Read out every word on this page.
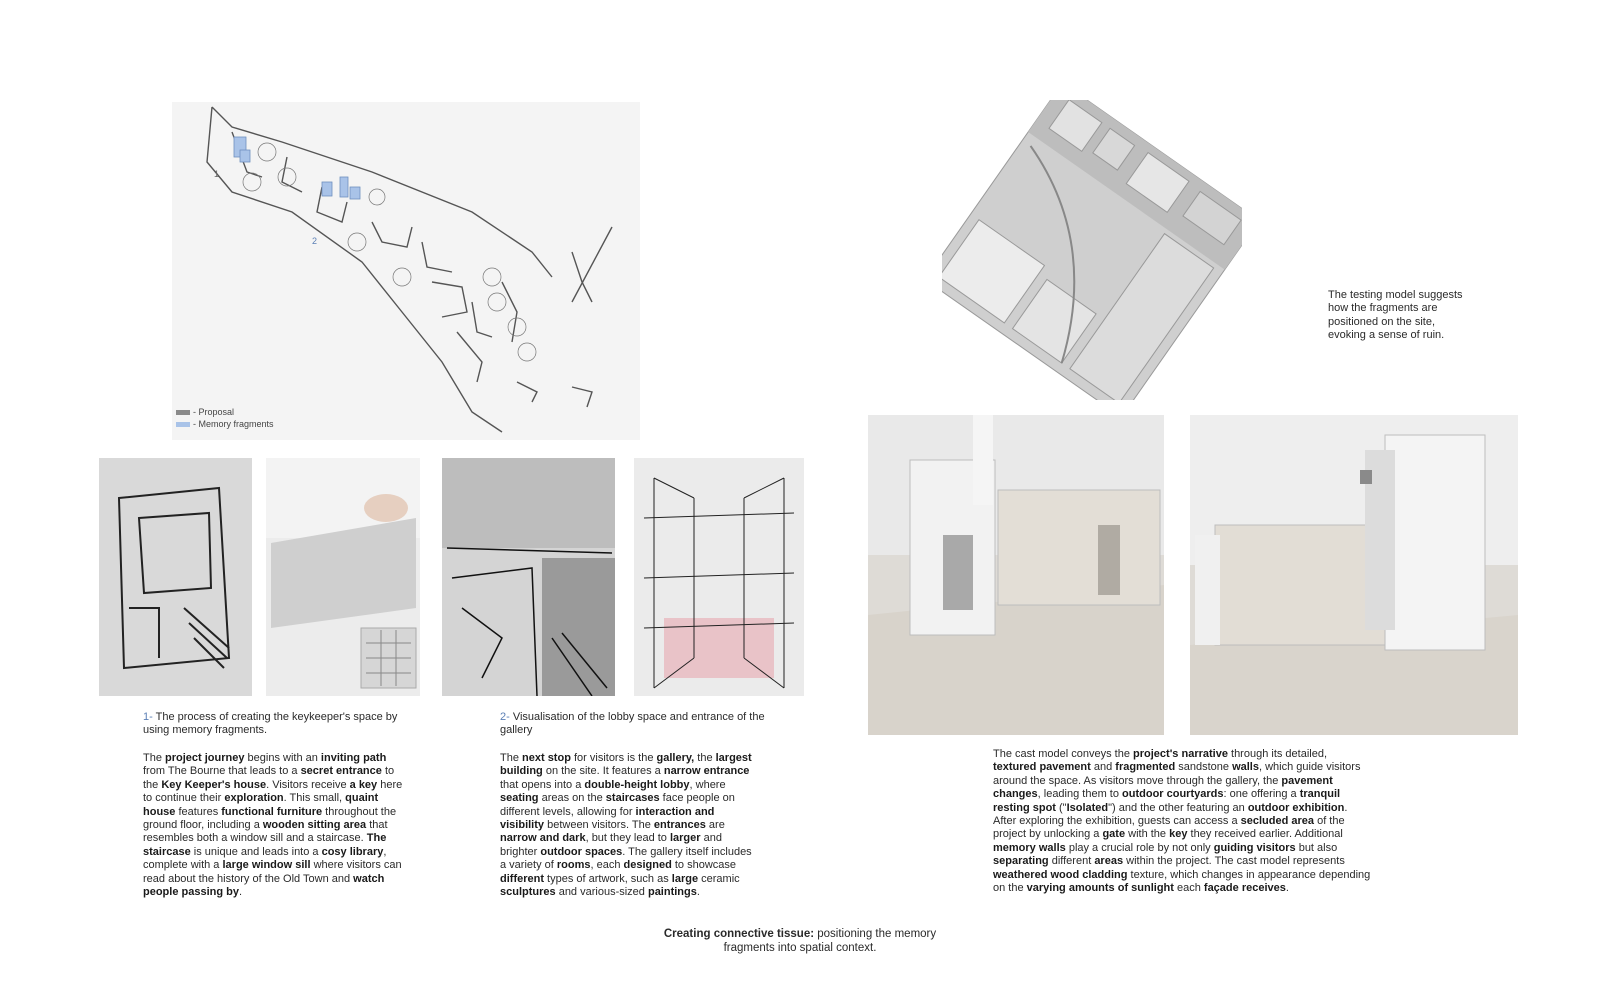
1
2
- Proposal
- Memory fragments
The testing model suggests
how the fragments are
positioned on the site,
evoking a sense of ruin.
1- The process of creating the keykeeper's space by using memory fragments.
2- Visualisation of the lobby space and entrance of the gallery
The project journey begins with an inviting path from The Bourne that leads to a secret entrance to the Key Keeper's house. Visitors receive a key here to continue their exploration. This small, quaint house features functional furniture throughout the ground floor, including a wooden sitting area that resembles both a window sill and a staircase. The staircase is unique and leads into a cosy library, complete with a large window sill where visitors can read about the history of the Old Town and watch people passing by.
The next stop for visitors is the gallery, the largest building on the site. It features a narrow entrance that opens into a double-height lobby, where seating areas on the staircases face people on different levels, allowing for interaction and visibility between visitors. The entrances are narrow and dark, but they lead to larger and brighter outdoor spaces. The gallery itself includes a variety of rooms, each designed to showcase different types of artwork, such as large ceramic sculptures and various-sized paintings.
The cast model conveys the project's narrative through its detailed, textured pavement and fragmented sandstone walls, which guide visitors around the space. As visitors move through the gallery, the pavement changes, leading them to outdoor courtyards: one offering a tranquil resting spot ("Isolated") and the other featuring an outdoor exhibition. After exploring the exhibition, guests can access a secluded area of the project by unlocking a gate with the key they received earlier. Additional memory walls play a crucial role by not only guiding visitors but also separating different areas within the project. The cast model represents weathered wood cladding texture, which changes in appearance depending on the varying amounts of sunlight each façade receives.
Creating connective tissue: positioning the memory
fragments into spatial context.
